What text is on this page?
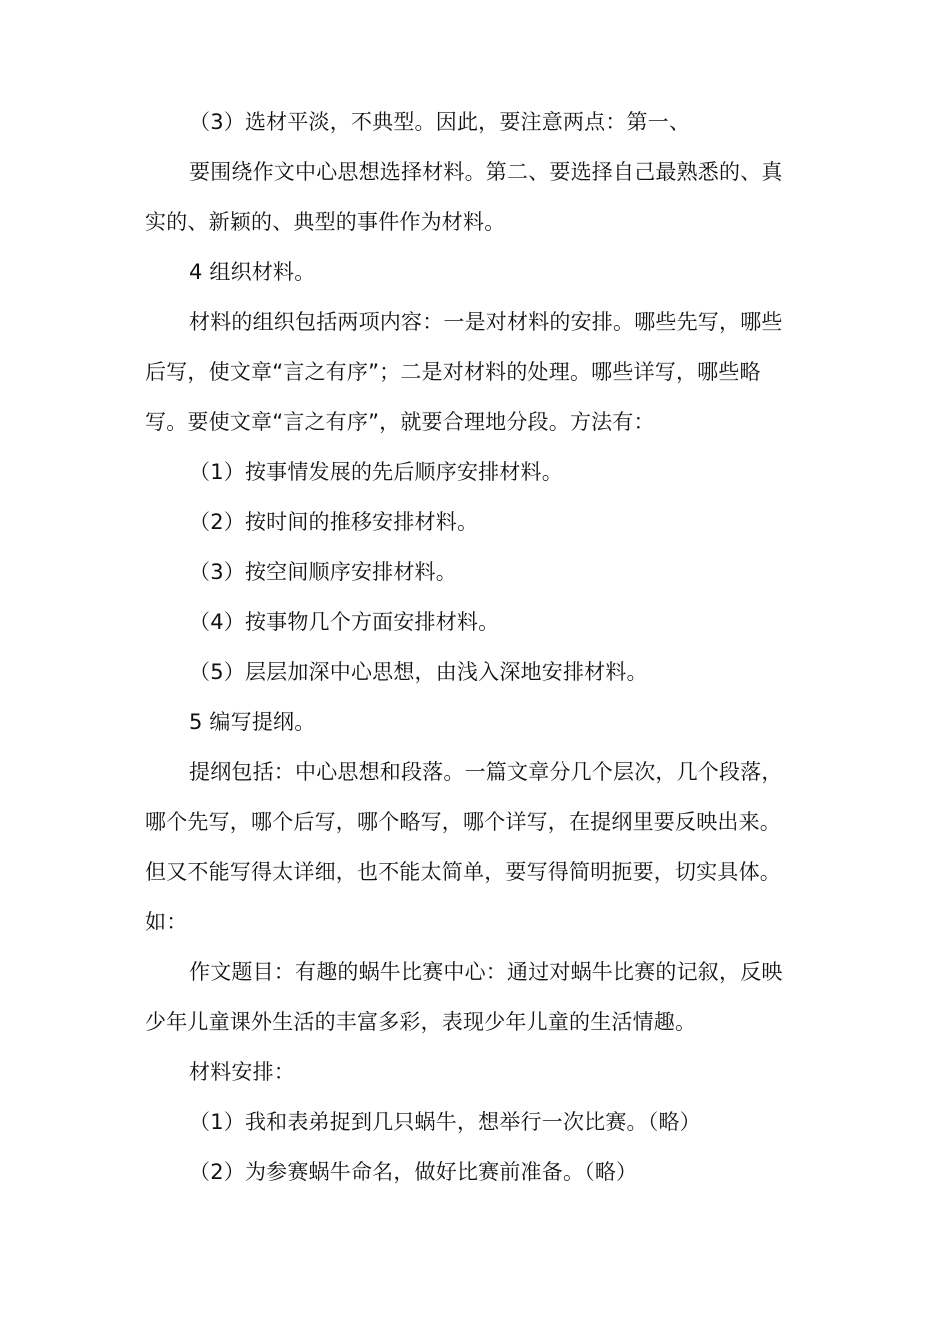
（3）选材平淡，不典型。因此，要注意两点：第一、
要围绕作文中心思想选择材料。第二、要选择自己最熟悉的、真
实的、新颖的、典型的事件作为材料。
4 组织材料。
材料的组织包括两项内容：一是对材料的安排。哪些先写，哪些
后写，使文章“言之有序”；二是对材料的处理。哪些详写，哪些略
写。要使文章“言之有序”，就要合理地分段。方法有：
（1）按事情发展的先后顺序安排材料。
（2）按时间的推移安排材料。
（3）按空间顺序安排材料。
（4）按事物几个方面安排材料。
（5）层层加深中心思想，由浅入深地安排材料。
5 编写提纲。
提纲包括：中心思想和段落。一篇文章分几个层次，几个段落，
哪个先写，哪个后写，哪个略写，哪个详写，在提纲里要反映出来。
但又不能写得太详细，也不能太简单，要写得简明扼要，切实具体。
如：
作文题目：有趣的蜗牛比赛中心：通过对蜗牛比赛的记叙，反映
少年儿童课外生活的丰富多彩，表现少年儿童的生活情趣。
材料安排：
（1）我和表弟捉到几只蜗牛，想举行一次比赛。（略）
（2）为参赛蜗牛命名，做好比赛前准备。（略）
